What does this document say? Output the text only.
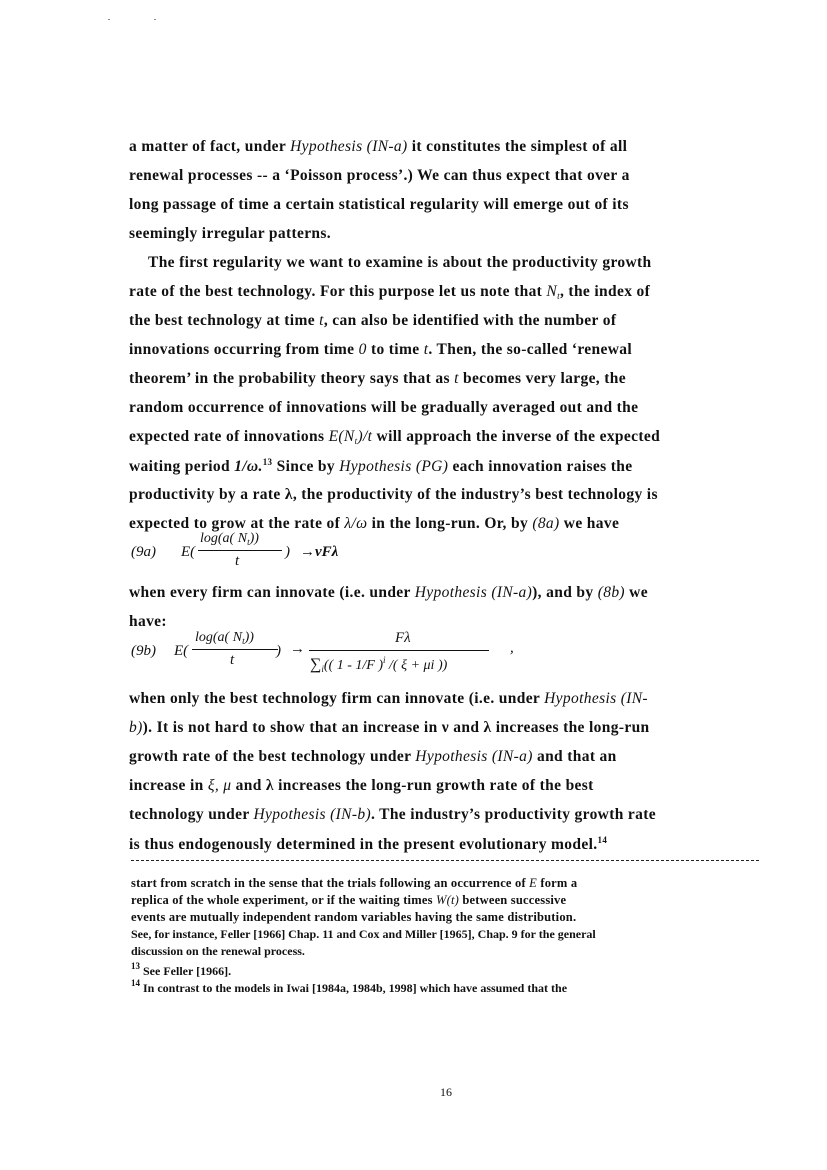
a matter of fact, under Hypothesis (IN-a) it constitutes the simplest of all
renewal processes -- a ‘Poisson process’.) We can thus expect that over a
long passage of time a certain statistical regularity will emerge out of its
seemingly irregular patterns.
The first regularity we want to examine is about the productivity growth
rate of the best technology. For this purpose let us note that $N_t$, the index of
the best technology at time t, can also be identified with the number of
innovations occurring from time 0 to time t. Then, the so-called ‘renewal
theorem’ in the probability theory says that as t becomes very large, the
random occurrence of innovations will be gradually averaged out and the
expected rate of innovations $E(N_t)/t$ will approach the inverse of the expected
waiting period 1/ω.$^{13}$ Since by Hypothesis (PG) each innovation raises the
productivity by a rate λ, the productivity of the industry’s best technology is
expected to grow at the rate of λ/ω in the long-run. Or, by (8a) we have
(9a) E(
log(a( $N_t$))
t
) →νFλ
when every firm can innovate (i.e. under Hypothesis (IN-a)), and by (8b) we
have:
(9b) E(
log(a( $N_t$))
t
) →
Fλ
$\sum_i$(( 1 - 1/F )$^i$ /( ξ + μi ))
,
when only the best technology firm can innovate (i.e. under Hypothesis (IN-
b)). It is not hard to show that an increase in ν and λ increases the long-run
growth rate of the best technology under Hypothesis (IN-a) and that an
increase in ξ, μ and λ increases the long-run growth rate of the best
technology under Hypothesis (IN-b). The industry’s productivity growth rate
is thus endogenously determined in the present evolutionary model.$^{14}$
start from scratch in the sense that the trials following an occurrence of E form a
replica of the whole experiment, or if the waiting times W(t) between successive
events are mutually independent random variables having the same distribution.
See, for instance, Feller [1966] Chap. 11 and Cox and Miller [1965], Chap. 9 for the general
discussion on the renewal process.
$^{13}$ See Feller [1966].
$^{14}$ In contrast to the models in Iwai [1984a, 1984b, 1998] which have assumed that the
16
